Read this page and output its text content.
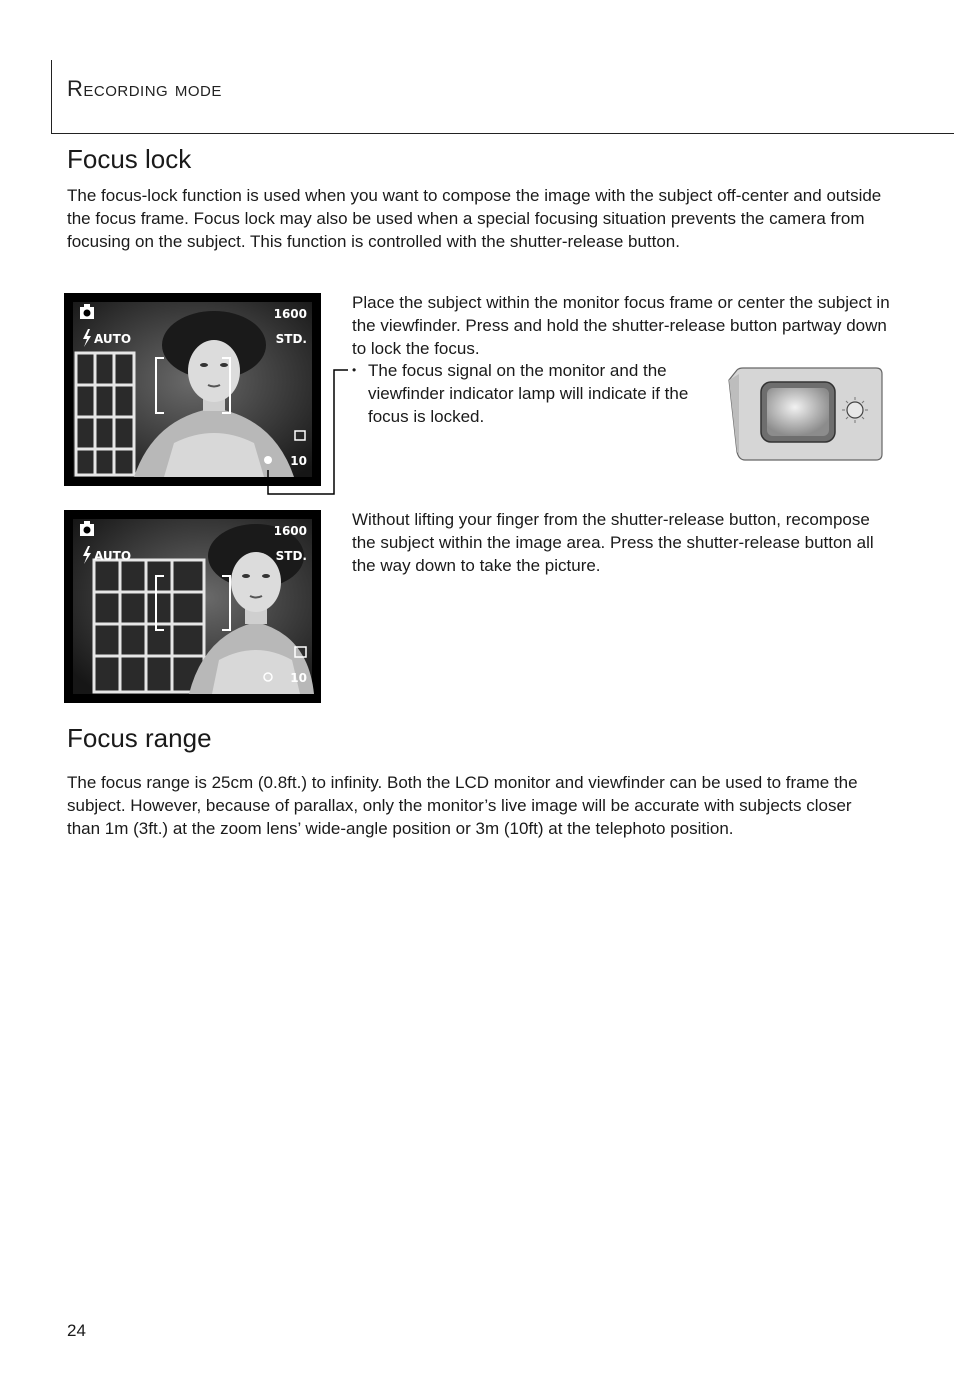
Recording mode
Focus lock

The focus-lock function is used when you want to compose the image with the subject off-center and outside the focus frame. Focus lock may also be used when a special focusing situation prevents the camera from focusing on the subject. This function is controlled with the shutter-release button.

AUTO
1600
STD.
10

Place the subject within the monitor focus frame or center the subject in the viewfinder. Press and hold the shutter-release button partway down to lock the focus.

• The focus signal on the monitor and the viewfinder indicator lamp will indicate if the focus is locked.

AUTO
1600
STD.
10

Without lifting your finger from the shutter-release button, recompose the subject within the image area. Press the shutter-release button all the way down to take the picture.

Focus range

The focus range is 25cm (0.8ft.) to infinity. Both the LCD monitor and viewfinder can be used to frame the subject. However, because of parallax, only the monitor’s live image will be accurate with subjects closer than 1m (3ft.) at the zoom lens’ wide-angle position or 3m (10ft) at the telephoto position.

24
